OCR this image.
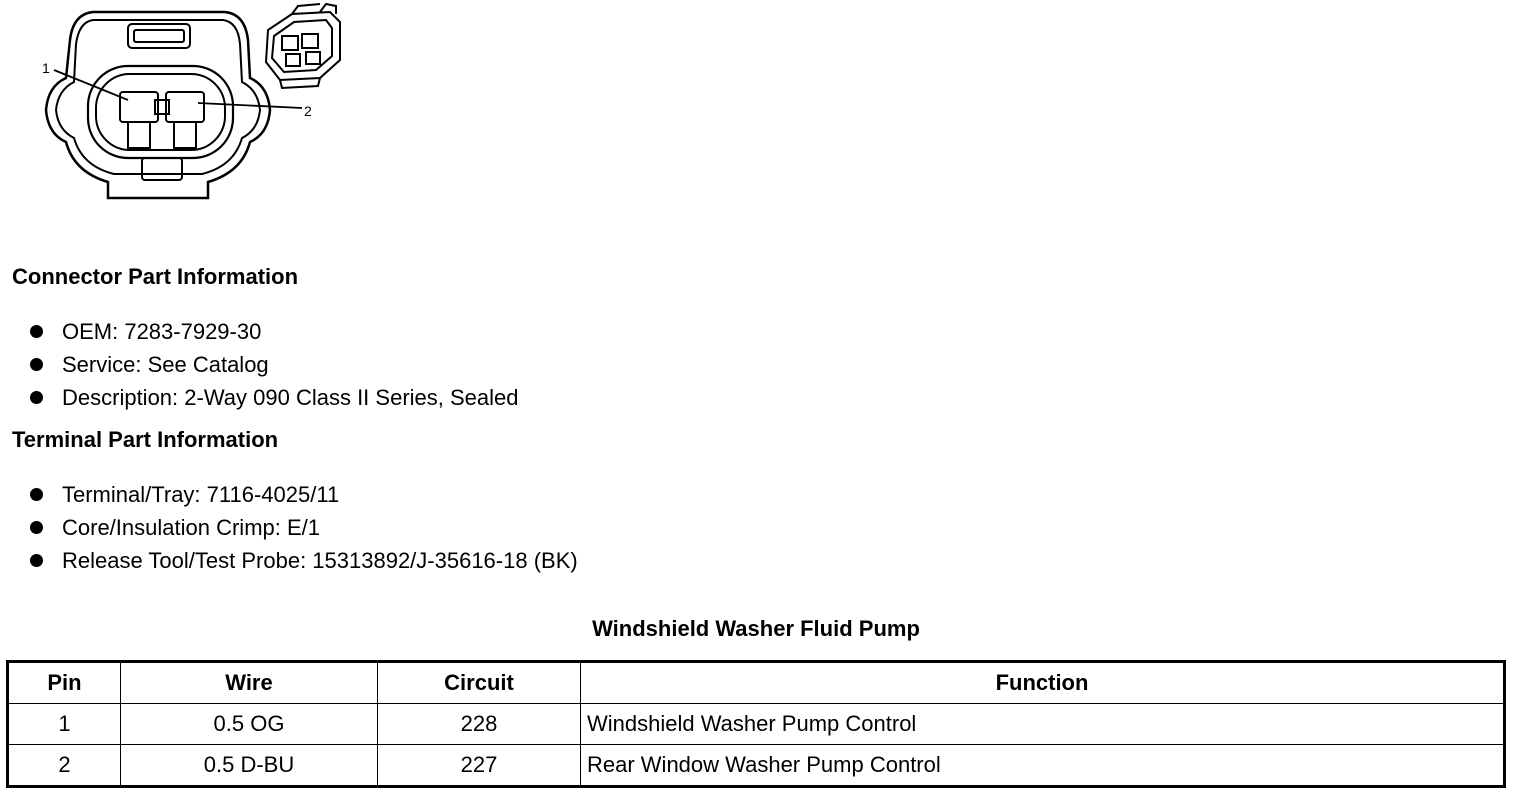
1
2
Connector Part Information
OEM: 7283-7929-30
Service: See Catalog
Description: 2-Way 090 Class II Series, Sealed
Terminal Part Information
Terminal/Tray: 7116-4025/11
Core/Insulation Crimp: E/1
Release Tool/Test Probe: 15313892/J-35616-18 (BK)
Windshield Washer Fluid Pump
Pin	Wire	Circuit	Function
1	0.5 OG	228	Windshield Washer Pump Control
2	0.5 D-BU	227	Rear Window Washer Pump Control
